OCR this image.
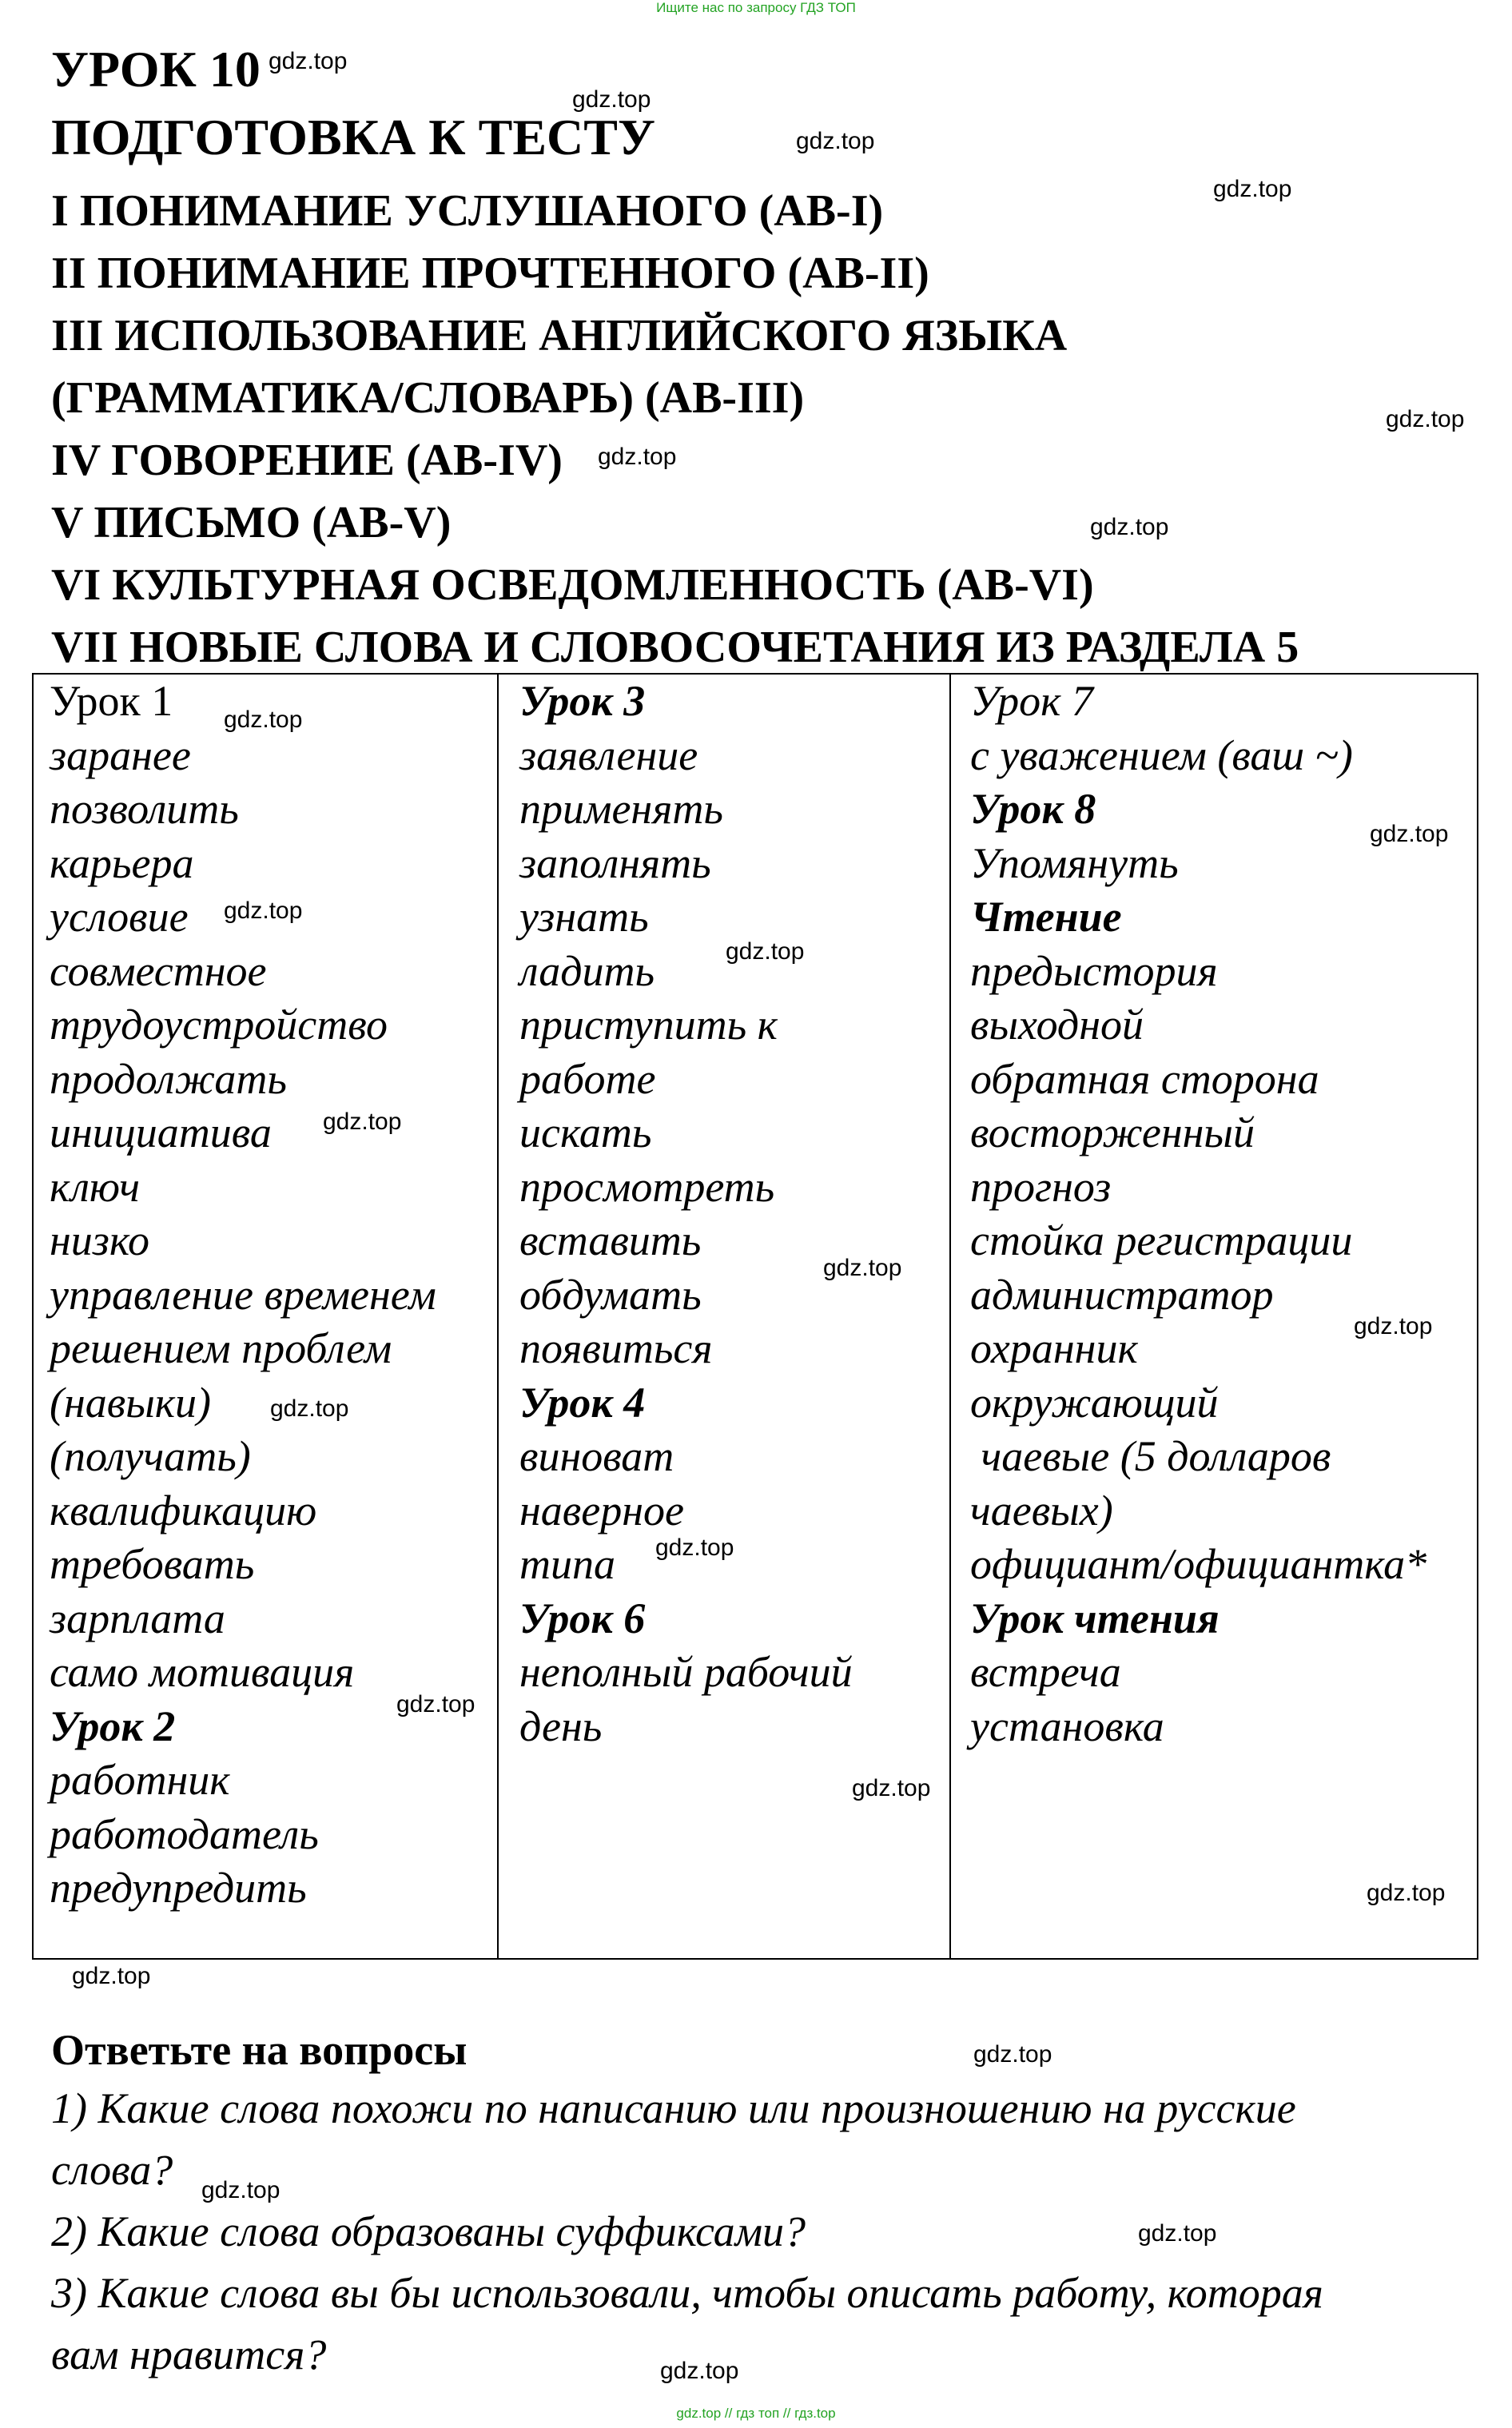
Ищите нас по запросу ГДЗ ТОП
УРОК 10
ПОДГОТОВКА К ТЕСТУ
I ПОНИМАНИЕ УСЛУШАНОГО (AB-I)
II ПОНИМАНИЕ ПРОЧТЕННОГО (AB-II)
III ИСПОЛЬЗОВАНИЕ АНГЛИЙСКОГО ЯЗЫКА
(ГРАММАТИКА/СЛОВАРЬ) (AB-III)
IV ГОВОРЕНИЕ (AB-IV)
V ПИСЬМО (AB-V)
VI КУЛЬТУРНАЯ ОСВЕДОМЛЕННОСТЬ (AB-VI)
VII НОВЫЕ СЛОВА И СЛОВОСОЧЕТАНИЯ ИЗ РАЗДЕЛА 5
Урок 1
заранее
позволить
карьера
условие
совместное
трудоустройство
продолжать
инициатива
ключ
низко
управление временем
решением проблем
(навыки)
(получать)
квалификацию
требовать
зарплата
само мотивация
Урок 2
работник
работодатель
предупредить
Урок 3
заявление
применять
заполнять
узнать
ладить
приступить к
работе
искать
просмотреть
вставить
обдумать
появиться
Урок 4
виноват
наверное
типа
Урок 6
неполный рабочий
день
Урок 7
с уважением (ваш ~)
Урок 8
Упомянуть
Чтение
предыстория
выходной
обратная сторона
восторженный
прогноз
стойка регистрации
администратор
охранник
окружающий
чаевые (5 долларов
чаевых)
официант/официантка*
Урок чтения
встреча
установка
Ответьте на вопросы
1) Какие слова похожи по написанию или произношению на русские
слова?
2) Какие слова образованы суффиксами?
3) Какие слова вы бы использовали, чтобы описать работу, которая
вам нравится?
gdz.top
gdz.top
gdz.top
gdz.top
gdz.top
gdz.top
gdz.top
gdz.top
gdz.top
gdz.top
gdz.top
gdz.top
gdz.top
gdz.top
gdz.top
gdz.top
gdz.top
gdz.top
gdz.top
gdz.top
gdz.top
gdz.top
gdz.top
gdz.top
gdz.top // гдз топ // гдз.top
